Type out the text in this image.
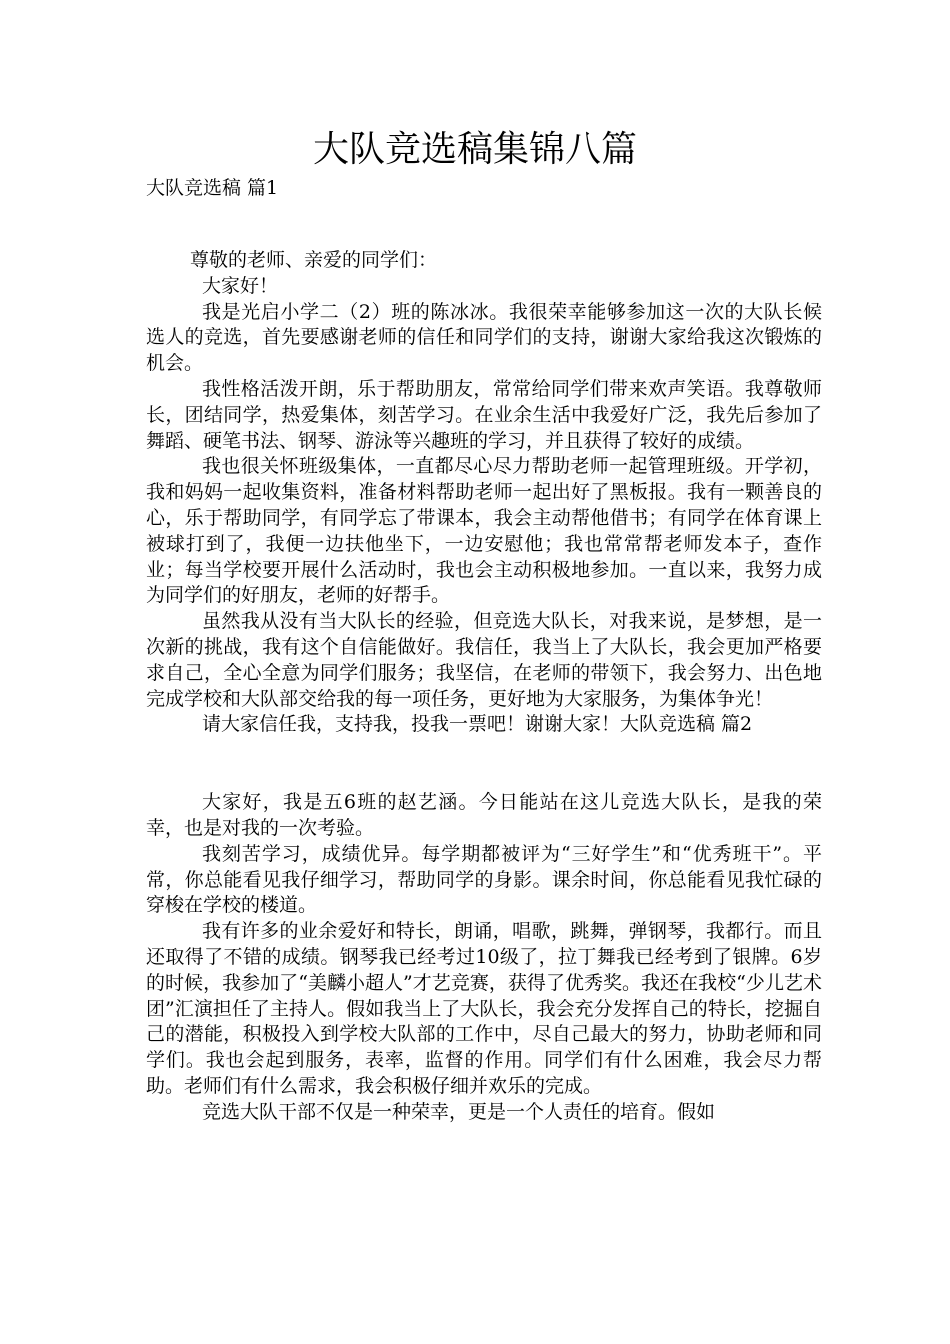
大队竞选稿集锦八篇
大队竞选稿 篇1

尊敬的老师、亲爱的同学们：

大家好！

我是光启小学二（2）班的陈冰冰。我很荣幸能够参加这一次的大队长候选人的竞选，首先要感谢老师的信任和同学们的支持，谢谢大家给我这次锻炼的机会。

我性格活泼开朗，乐于帮助朋友，常常给同学们带来欢声笑语。我尊敬师长，团结同学，热爱集体，刻苦学习。在业余生活中我爱好广泛，我先后参加了舞蹈、硬笔书法、钢琴、游泳等兴趣班的学习，并且获得了较好的成绩。

我也很关怀班级集体，一直都尽心尽力帮助老师一起管理班级。开学初，我和妈妈一起收集资料，准备材料帮助老师一起出好了黑板报。我有一颗善良的心，乐于帮助同学，有同学忘了带课本，我会主动帮他借书；有同学在体育课上被球打到了，我便一边扶他坐下，一边安慰他；我也常常帮老师发本子，查作业；每当学校要开展什么活动时，我也会主动积极地参加。一直以来，我努力成为同学们的好朋友，老师的好帮手。

虽然我从没有当大队长的经验，但竞选大队长，对我来说，是梦想，是一次新的挑战，我有这个自信能做好。我信任，我当上了大队长，我会更加严格要求自己，全心全意为同学们服务；我坚信，在老师的带领下，我会努力、出色地完成学校和大队部交给我的每一项任务，更好地为大家服务，为集体争光！

请大家信任我，支持我，投我一票吧！谢谢大家！大队竞选稿 篇2

大家好，我是五6班的赵艺涵。今日能站在这儿竞选大队长，是我的荣幸，也是对我的一次考验。

我刻苦学习，成绩优异。每学期都被评为“三好学生”和“优秀班干”。平常，你总能看见我仔细学习，帮助同学的身影。课余时间，你总能看见我忙碌的穿梭在学校的楼道。

我有许多的业余爱好和特长，朗诵，唱歌，跳舞，弹钢琴，我都行。而且还取得了不错的成绩。钢琴我已经考过10级了，拉丁舞我已经考到了银牌。6岁的时候，我参加了“美麟小超人”才艺竞赛，获得了优秀奖。我还在我校“少儿艺术团”汇演担任了主持人。假如我当上了大队长，我会充分发挥自己的特长，挖掘自己的潜能，积极投入到学校大队部的工作中，尽自己最大的努力，协助老师和同学们。我也会起到服务，表率，监督的作用。同学们有什么困难，我会尽力帮助。老师们有什么需求，我会积极仔细并欢乐的完成。

竞选大队干部不仅是一种荣幸，更是一个人责任的培育。假如
